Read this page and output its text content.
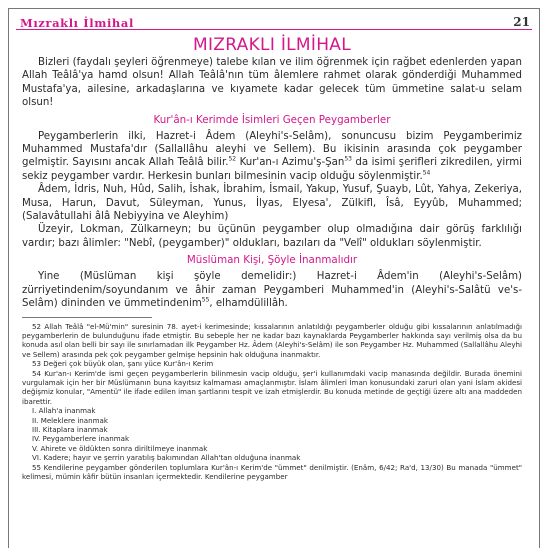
Mızraklı İlmihal	21
MIZRAKLI İLMİHAL

Bizleri (faydalı şeyleri öğrenmeye) talebe kılan ve ilim öğrenmek için rağbet edenlerden yapan Allah Teâlâ'ya hamd olsun! Allah Teâlâ'nın tüm âlemlere rahmet olarak gönderdiği Muhammed Mustafa'ya, ailesine, arkadaşlarına ve kıyamete kadar gelecek tüm ümmetine salat-u selam olsun!

Kur'ân-ı Kerimde İsimleri Geçen Peygamberler

Peygamberlerin ilki, Hazret-i Âdem (Aleyhi's-Selâm), sonuncusu bizim Peygamberimiz Muhammed Mustafa'dır (Sallallâhu aleyhi ve Sellem). Bu ikisinin arasında çok peygamber gelmiştir. Sayısını ancak Allah Teâlâ bilir.$^{52}$ Kur'an-ı Azimu'ş-Şan$^{53}$ da isimi şerifleri zikredilen, yirmi sekiz peygamber vardır. Herkesin bunları bilmesinin vacip olduğu söylenmiştir.$^{54}$

Âdem, İdris, Nuh, Hûd, Salih, İshak, İbrahim, İsmail, Yakup, Yusuf, Şuayb, Lût, Yahya, Zekeriya, Musa, Harun, Davut, Süleyman, Yunus, İlyas, Elyesa', Zülkifl, Îsâ, Eyyûb, Muhammed; (Salavâtullahi âlâ Nebiyyina ve Aleyhim)

Üzeyir, Lokman, Zülkarneyn; bu üçünün peygamber olup olmadığına dair görüş farklılığı vardır; bazı âlimler: "Nebî, (peygamber)" oldukları, bazıları da "Velî" oldukları söylenmiştir.

Müslüman Kişi, Şöyle İnanmalıdır

Yine (Müslüman kişi şöyle demelidir:) Hazret-i Âdem'in (Aleyhi's-Selâm) zürriyetindenim/soyundanım ve âhir zaman Peygamberi Muhammed'in (Aleyhi's-Salâtü ve's-Selâm) dininden ve ümmetindenim$^{55}$, elhamdülillâh.

52 Allah Teâlâ "el-Mü'min" suresinin 78. ayet-i kerimesinde; kıssalarının anlatıldığı peygamberler olduğu gibi kıssalarının anlatılmadığı peygamberlerin de bulunduğunu ifade etmiştir. Bu sebeple her ne kadar bazı kaynaklarda Peygamberler hakkında sayı verilmiş olsa da bu konuda asıl olan belli bir sayı ile sınırlamadan ilk Peygamber Hz. Âdem (Aleyhi's-Selâm) ile son Peygamber Hz. Muhammed (Sallallâhu Aleyhi ve Sellem) arasında pek çok peygamber gelmişe hepsinin hak olduğuna inanmaktır.

53 Değeri çok büyük olan, şanı yüce Kur'ân-ı Kerim

54 Kur'an-ı Kerim'de ismi geçen peygamberlerin bilinmesin vacip olduğu, şer'i kullanımdaki vacip manasında değildir. Burada önemini vurgulamak için her bir Müslümanın buna kayıtsız kalmaması amaçlanmıştır. İslam âlimleri İman konusundaki zaruri olan yani İslam akidesi değişmiz konular, "Amentü" ile ifade edilen iman şartlarını tespit ve izah etmişlerdir. Bu konuda metinde de geçtiği üzere altı ana maddeden ibarettir.

I. Allah'a inanmak
II. Meleklere inanmak
III. Kitaplara inanmak
IV. Peygamberlere inanmak
V. Ahirete ve öldükten sonra diriltilmeye inanmak
VI. Kadere; hayır ve şerrin yaratılış bakımından Allah'tan olduğuna inanmak

55 Kendilerine peygamber gönderilen toplumlara Kur'ân-ı Kerim'de "ümmet" denilmiştir. (Enâm, 6/42; Ra'd, 13/30) Bu manada "ümmet" kelimesi, mümin kâfir bütün insanları içermektedir. Kendilerine peygamber
